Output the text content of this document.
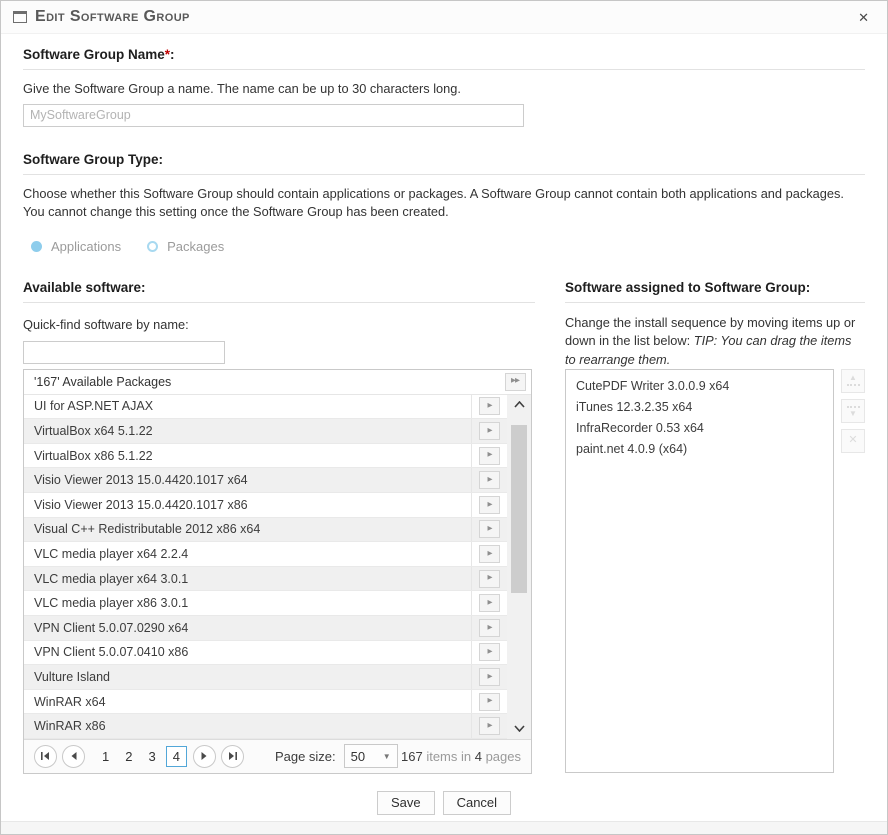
Edit Software Group	✕
Software Group Name*:
Give the Software Group a name. The name can be up to 30 characters long.
MySoftwareGroup
Software Group Type:
Choose whether this Software Group should contain applications or packages. A Software Group cannot contain both applications and packages. You cannot change this setting once the Software Group has been created.
Applications	Packages
Available software:
Quick-find software by name:
'167' Available Packages	▶▶
UI for ASP.NET AJAX	▶
VirtualBox x64 5.1.22	▶
VirtualBox x86 5.1.22	▶
Visio Viewer 2013 15.0.4420.1017 x64	▶
Visio Viewer 2013 15.0.4420.1017 x86	▶
Visual C++ Redistributable 2012 x86 x64	▶
VLC media player x64 2.2.4	▶
VLC media player x64 3.0.1	▶
VLC media player x86 3.0.1	▶
VPN Client 5.0.07.0290 x64	▶
VPN Client 5.0.07.0410 x86	▶
Vulture Island	▶
WinRAR x64	▶
WinRAR x86	▶
1	2	3	4	Page size: 50	▼ 167 items in 4 pages
Software assigned to Software Group:
Change the install sequence by moving items up or down in the list below: TIP: You can drag the items to rearrange them.
CutePDF Writer 3.0.0.9 x64
iTunes 12.3.2.35 x64
InfraRecorder 0.53 x64
paint.net 4.0.9 (x64)
▲
▼
✕
Save	Cancel
